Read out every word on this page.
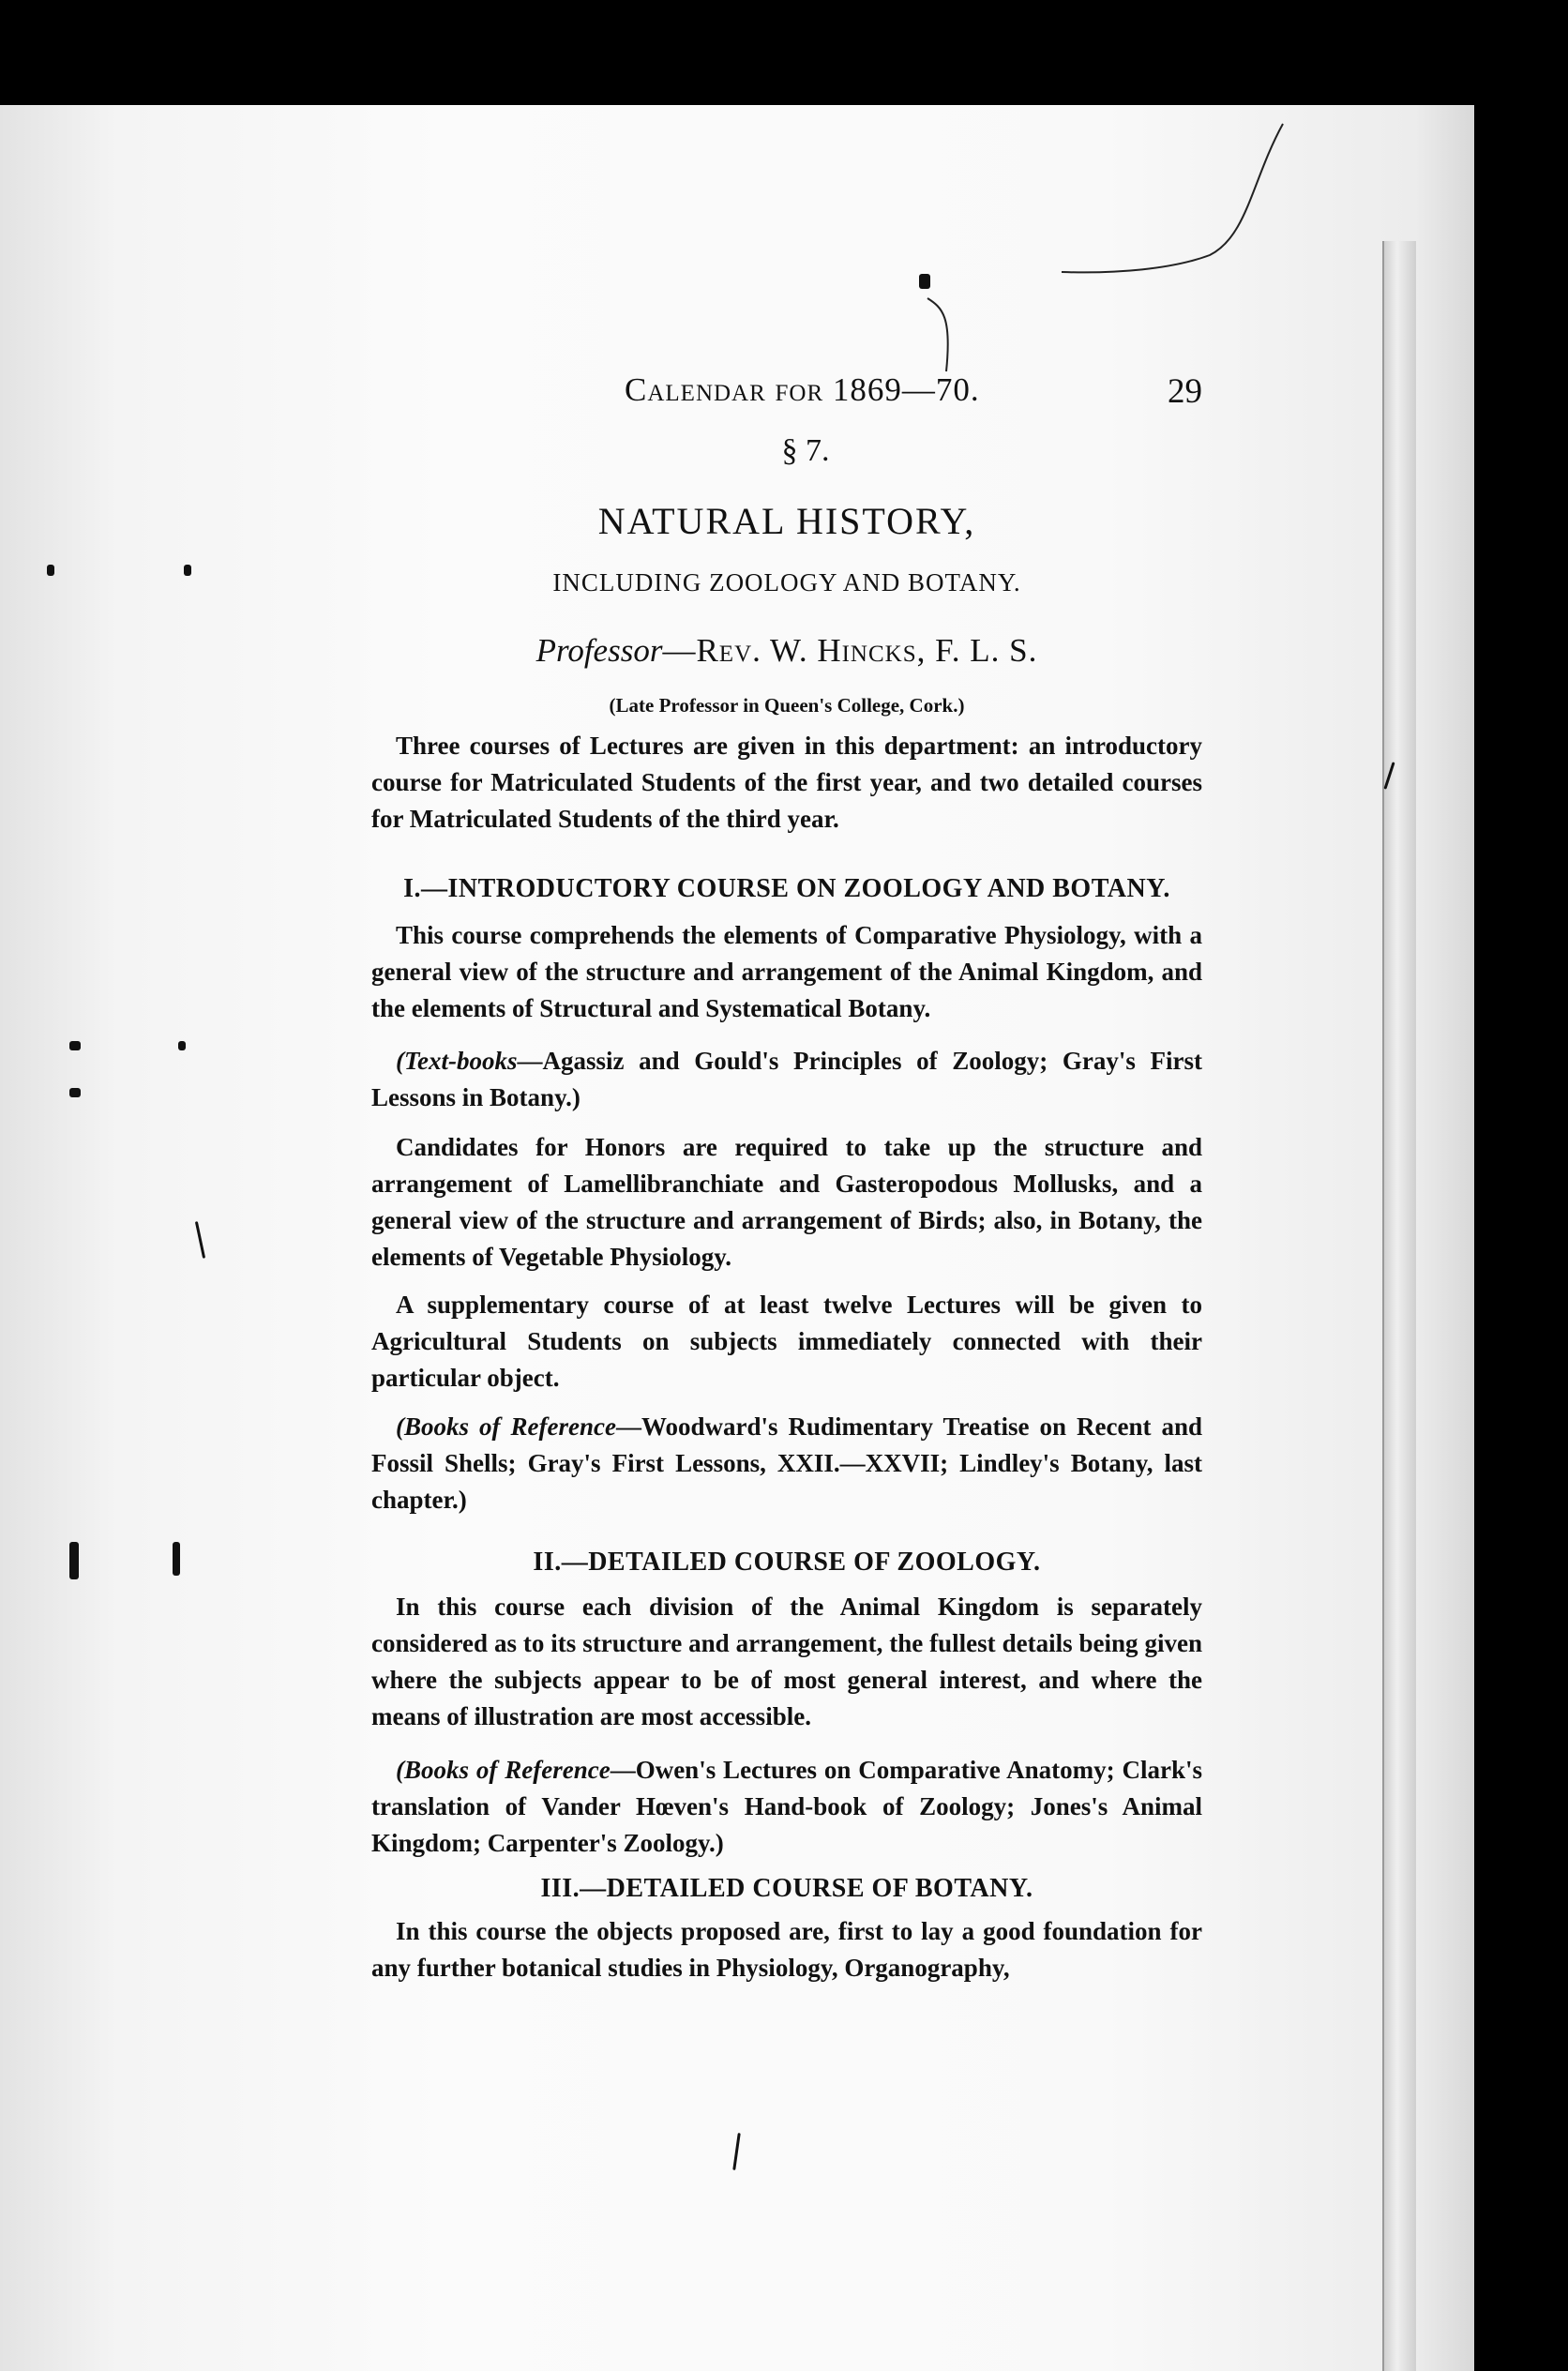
Calendar for 1869—70.	29
§ 7.
NATURAL HISTORY,
INCLUDING ZOOLOGY AND BOTANY.
Professor—Rev. W. Hincks, F. L. S.
(Late Professor in Queen's College, Cork.)

Three courses of Lectures are given in this department: an introductory course for Matriculated Students of the first year, and two detailed courses for Matriculated Students of the third year.

I.—INTRODUCTORY COURSE ON ZOOLOGY AND BOTANY.

This course comprehends the elements of Comparative Physiology, with a general view of the structure and arrangement of the Animal Kingdom, and the elements of Structural and Systematical Botany.

(Text-books—Agassiz and Gould's Principles of Zoology; Gray's First Lessons in Botany.)

Candidates for Honors are required to take up the structure and arrangement of Lamellibranchiate and Gasteropodous Mollusks, and a general view of the structure and arrangement of Birds; also, in Botany, the elements of Vegetable Physiology.

A supplementary course of at least twelve Lectures will be given to Agricultural Students on subjects immediately connected with their particular object.

(Books of Reference—Woodward's Rudimentary Treatise on Recent and Fossil Shells; Gray's First Lessons, XXII.—XXVII; Lindley's Botany, last chapter.)

II.—DETAILED COURSE OF ZOOLOGY.

In this course each division of the Animal Kingdom is separately considered as to its structure and arrangement, the fullest details being given where the subjects appear to be of most general interest, and where the means of illustration are most accessible.

(Books of Reference—Owen's Lectures on Comparative Anatomy; Clark's translation of Vander Hœven's Hand-book of Zoology; Jones's Animal Kingdom; Carpenter's Zoology.)

III.—DETAILED COURSE OF BOTANY.

In this course the objects proposed are, first to lay a good foundation for any further botanical studies in Physiology, Organography,
